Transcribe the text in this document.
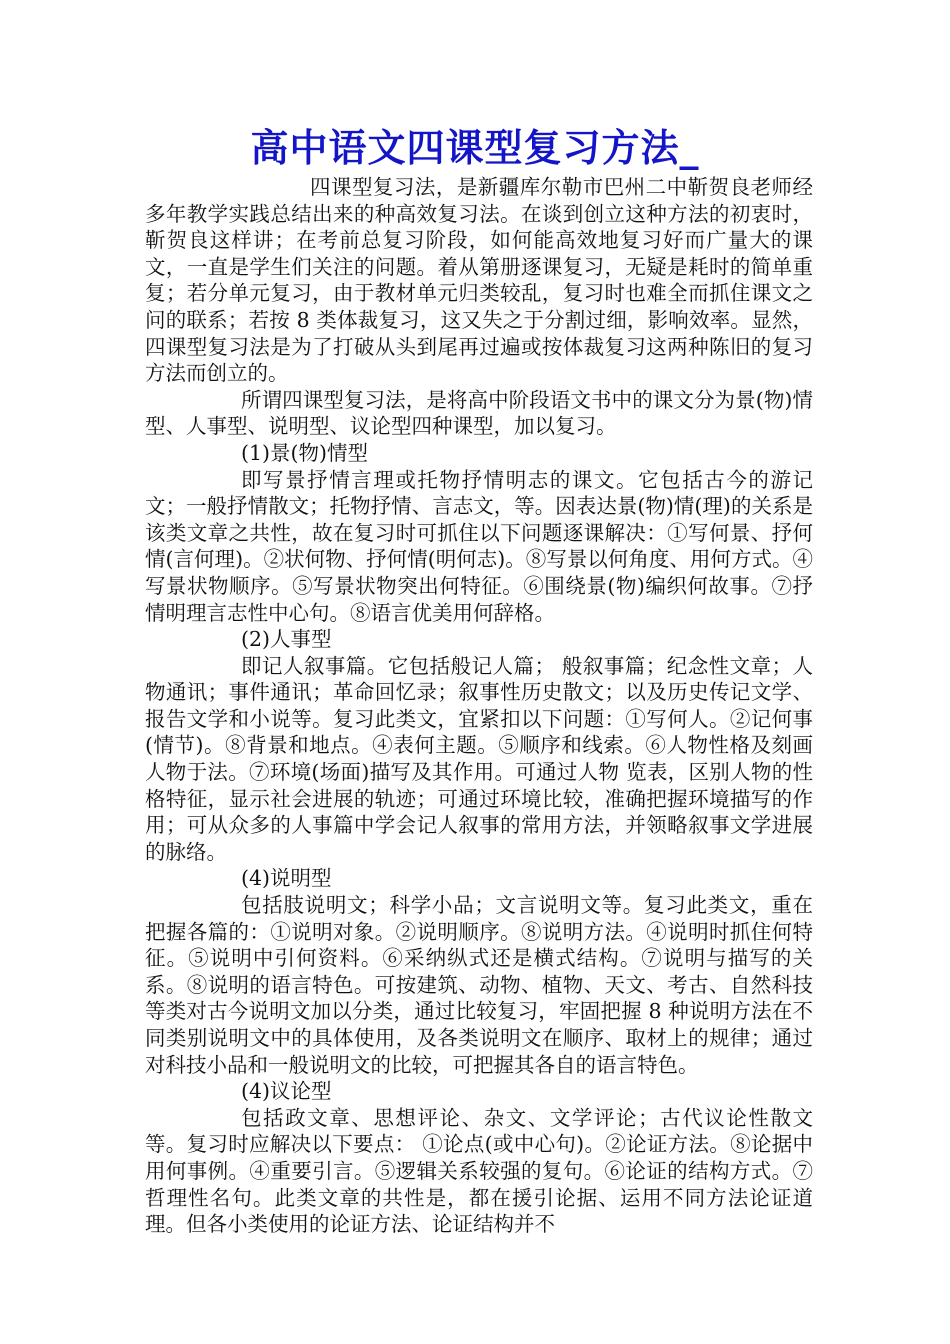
高中语文四课型复习方法_

四课型复习法，是新疆库尔勒市巴州二中靳贺良老师经多年教学实践总结出来的种高效复习法。在谈到创立这种方法的初衷时，靳贺良这样讲；在考前总复习阶段，如何能高效地复习好而广量大的课文，一直是学生们关注的问题。着从第册逐课复习，无疑是耗时的简单重复；若分单元复习，由于教材单元归类较乱，复习时也难全而抓住课文之问的联系；若按 8 类体裁复习，这又失之于分割过细，影响效率。显然，四课型复习法是为了打破从头到尾再过遍或按体裁复习这两种陈旧的复习方法而创立的。

所谓四课型复习法，是将高中阶段语文书中的课文分为景(物)情型、人事型、说明型、议论型四种课型，加以复习。

(1)景(物)情型

即写景抒情言理或托物抒情明志的课文。它包括古今的游记文；一般抒情散文；托物抒情、言志文，等。因表达景(物)情(理)的关系是该类文章之共性，故在复习时可抓住以下问题逐课解决：①写何景、抒何情(言何理)。②状何物、抒何情(明何志)。⑧写景以何角度、用何方式。④写景状物顺序。⑤写景状物突出何特征。⑥围绕景(物)编织何故事。⑦抒情明理言志性中心句。⑧语言优美用何辞格。

(2)人事型

即记人叙事篇。它包括般记人篇； 般叙事篇；纪念性文章；人物通讯；事件通讯；革命回忆录；叙事性历史散文；以及历史传记文学、报告文学和小说等。复习此类文，宜紧扣以下问题：①写何人。②记何事(情节)。⑧背景和地点。④表何主题。⑤顺序和线索。⑥人物性格及刻画人物于法。⑦环境(场面)描写及其作用。可通过人物 览表，区别人物的性格特征，显示社会进展的轨迹；可通过环境比较，准确把握环境描写的作用；可从众多的人事篇中学会记人叙事的常用方法，并领略叙事文学进展的脉络。

(4)说明型

包括肢说明文；科学小品；文言说明文等。复习此类文，重在把握各篇的：①说明对象。②说明顺序。⑧说明方法。④说明时抓住何特征。⑤说明中引何资料。⑥采纳纵式还是横式结构。⑦说明与描写的关系。⑧说明的语言特色。可按建筑、动物、植物、天文、考古、自然科技等类对古今说明文加以分类，通过比较复习，牢固把握 8 种说明方法在不同类别说明文中的具体使用，及各类说明文在顺序、取材上的规律；通过对科技小品和一般说明文的比较，可把握其各自的语言特色。

(4)议论型

包括政文章、思想评论、杂文、文学评论；古代议论性散文等。复习时应解决以下要点： ①论点(或中心句)。②论证方法。⑧论据中用何事例。④重要引言。⑤逻辑关系较强的复句。⑥论证的结构方式。⑦哲理性名句。此类文章的共性是，都在援引论据、运用不同方法论证道理。但各小类使用的论证方法、论证结构并不
